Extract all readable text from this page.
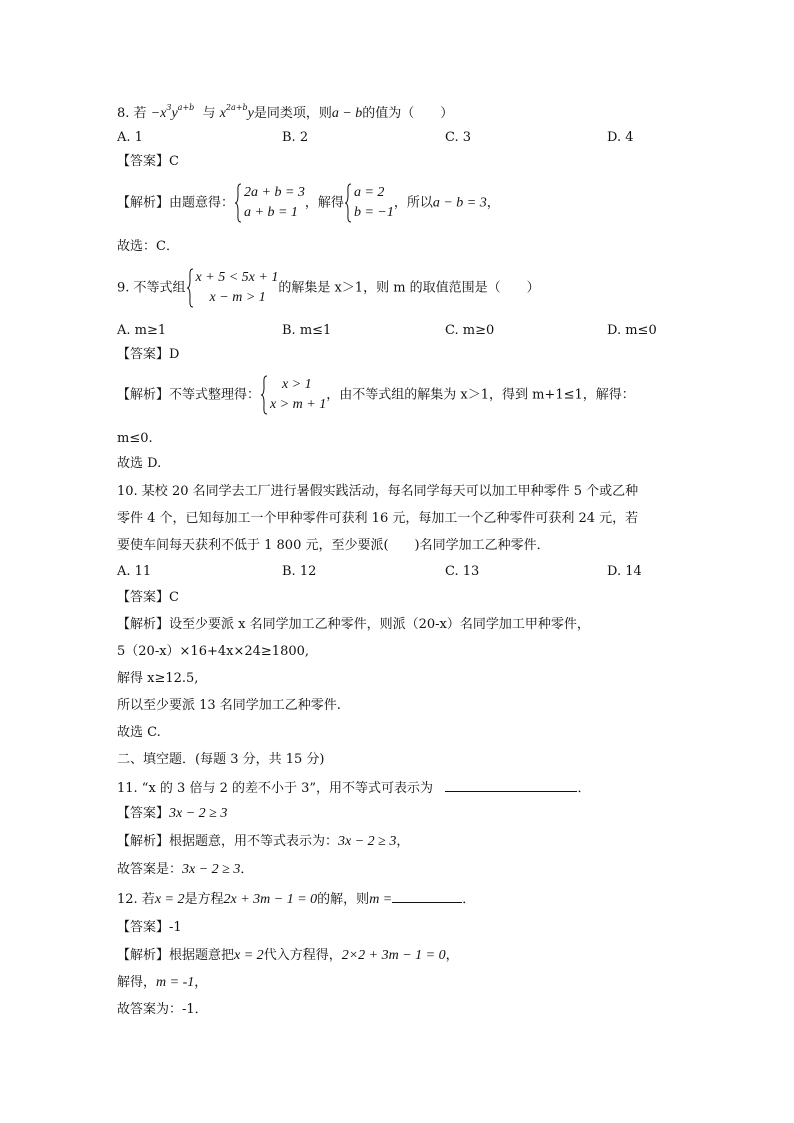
8. 若 $-x^3y^{a+b}$ 与 $x^{2a+b}y$是同类项，则a − b的值为（　　）
A. 1	B. 2	C. 3	D. 4
【答案】C
【解析】由题意得：
2a + b = 3
a + b = 1
，解得
a = 2
b = −1
，所以a − b = 3，
故选：C．
9. 不等式组
x + 5 < 5x + 1
x − m > 1
的解集是 x＞1，则 m 的取值范围是（　　）
A. m≥1	B. m≤1	C. m≥0	D. m≤0
【答案】D
【解析】不等式整理得：
x > 1
x > m + 1
，由不等式组的解集为 x＞1，得到 m+1≤1，解得：
m≤0.
故选 D.
10. 某校 20 名同学去工厂进行暑假实践活动，每名同学每天可以加工甲种零件 5 个或乙种
零件 4 个，已知每加工一个甲种零件可获利 16 元，每加工一个乙种零件可获利 24 元，若
要使车间每天获利不低于 1 800 元，至少要派(　　)名同学加工乙种零件．
A. 11	B. 12	C. 13	D. 14
【答案】C
【解析】设至少要派 x 名同学加工乙种零件，则派（20-x）名同学加工甲种零件，
5（20-x）×16+4x×24≥1800,
解得 x≥12.5,
所以至少要派 13 名同学加工乙种零件.
故选 C.
二、填空题．(每题 3 分，共 15 分)
11. “x 的 3 倍与 2 的差不小于 3”，用不等式可表示为	．
【答案】3x − 2 ≥ 3
【解析】根据题意，用不等式表示为：3x − 2 ≥ 3，
故答案是：3x − 2 ≥ 3．
12. 若x = 2是方程2x + 3m − 1 = 0的解，则m =	．
【答案】-1
【解析】根据题意把x = 2代入方程得，2×2 + 3m − 1 = 0，
解得，m = -1，
故答案为：-1．
